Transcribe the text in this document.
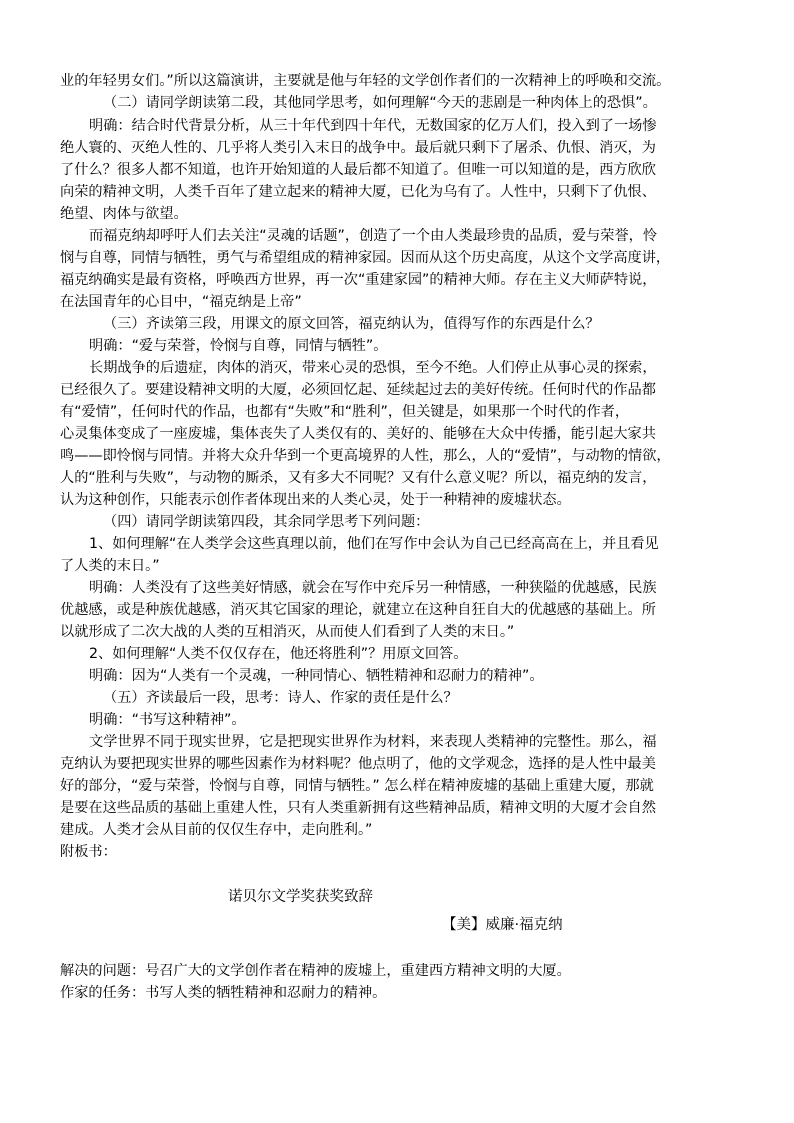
业的年轻男女们。”所以这篇演讲，主要就是他与年轻的文学创作者们的一次精神上的呼唤和交流。
（二）请同学朗读第二段，其他同学思考，如何理解“今天的悲剧是一种肉体上的恐惧”。
明确：结合时代背景分析，从三十年代到四十年代，无数国家的亿万人们，投入到了一场惨
绝人寰的、灭绝人性的、几乎将人类引入末日的战争中。最后就只剩下了屠杀、仇恨、消灭，为
了什么？很多人都不知道，也许开始知道的人最后都不知道了。但唯一可以知道的是，西方欣欣
向荣的精神文明，人类千百年了建立起来的精神大厦，已化为乌有了。人性中，只剩下了仇恨、
绝望、肉体与欲望。
而福克纳却呼吁人们去关注“灵魂的话题”，创造了一个由人类最珍贵的品质，爱与荣誉，怜
悯与自尊，同情与牺牲，勇气与希望组成的精神家园。因而从这个历史高度，从这个文学高度讲，
福克纳确实是最有资格，呼唤西方世界，再一次“重建家园”的精神大师。存在主义大师萨特说，
在法国青年的心目中，“福克纳是上帝”
（三）齐读第三段，用课文的原文回答，福克纳认为，值得写作的东西是什么？
明确：“爱与荣誉，怜悯与自尊，同情与牺牲”。
长期战争的后遗症，肉体的消灭，带来心灵的恐惧，至今不绝。人们停止从事心灵的探索，
已经很久了。要建设精神文明的大厦，必须回忆起、延续起过去的美好传统。任何时代的作品都
有“爱情”，任何时代的作品，也都有“失败”和“胜利”，但关键是，如果那一个时代的作者，
心灵集体变成了一座废墟，集体丧失了人类仅有的、美好的、能够在大众中传播，能引起大家共
鸣——即怜悯与同情。并将大众升华到一个更高境界的人性，那么，人的“爱情”，与动物的情欲，
人的“胜利与失败”，与动物的厮杀，又有多大不同呢？又有什么意义呢？所以，福克纳的发言，
认为这种创作，只能表示创作者体现出来的人类心灵，处于一种精神的废墟状态。
（四）请同学朗读第四段，其余同学思考下列问题：
1、如何理解“在人类学会这些真理以前，他们在写作中会认为自己已经高高在上，并且看见
了人类的末日。”
明确：人类没有了这些美好情感，就会在写作中充斥另一种情感，一种狭隘的优越感，民族
优越感，或是种族优越感，消灭其它国家的理论，就建立在这种自狂自大的优越感的基础上。所
以就形成了二次大战的人类的互相消灭，从而使人们看到了人类的末日。”
2、如何理解“人类不仅仅存在，他还将胜利”？用原文回答。
明确：因为“人类有一个灵魂，一种同情心、牺牲精神和忍耐力的精神”。
（五）齐读最后一段，思考：诗人、作家的责任是什么？
明确：“书写这种精神”。
文学世界不同于现实世界，它是把现实世界作为材料，来表现人类精神的完整性。那么，福
克纳认为要把现实世界的哪些因素作为材料呢？他点明了，他的文学观念，选择的是人性中最美
好的部分，“爱与荣誉，怜悯与自尊，同情与牺牲。” 怎么样在精神废墟的基础上重建大厦，那就
是要在这些品质的基础上重建人性，只有人类重新拥有这些精神品质，精神文明的大厦才会自然
建成。人类才会从目前的仅仅生存中，走向胜利。”
附板书：
诺贝尔文学奖获奖致辞
【美】威廉·福克纳
解决的问题：号召广大的文学创作者在精神的废墟上，重建西方精神文明的大厦。
作家的任务：书写人类的牺牲精神和忍耐力的精神。
